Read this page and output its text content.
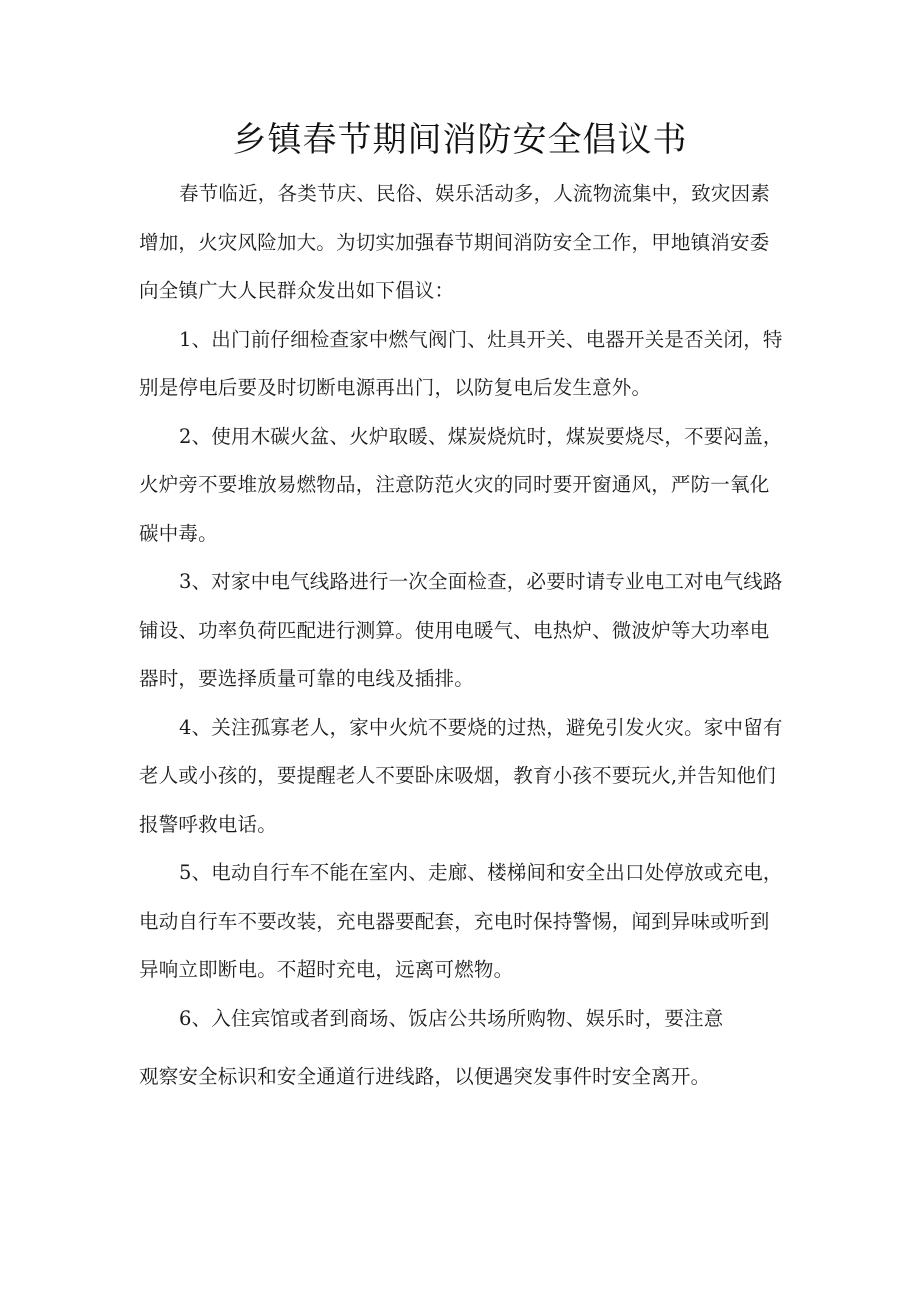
乡镇春节期间消防安全倡议书
春节临近，各类节庆、民俗、娱乐活动多，人流物流集中，致灾因素
增加，火灾风险加大。为切实加强春节期间消防安全工作，甲地镇消安委
向全镇广大人民群众发出如下倡议：
1、出门前仔细检查家中燃气阀门、灶具开关、电器开关是否关闭，特
别是停电后要及时切断电源再出门，以防复电后发生意外。
2、使用木碳火盆、火炉取暖、煤炭烧炕时，煤炭要烧尽，不要闷盖，
火炉旁不要堆放易燃物品，注意防范火灾的同时要开窗通风，严防一氧化
碳中毒。
3、对家中电气线路进行一次全面检查，必要时请专业电工对电气线路
铺设、功率负荷匹配进行测算。使用电暖气、电热炉、微波炉等大功率电
器时，要选择质量可靠的电线及插排。
4、关注孤寡老人，家中火炕不要烧的过热，避免引发火灾。家中留有
老人或小孩的，要提醒老人不要卧床吸烟，教育小孩不要玩火,并告知他们
报警呼救电话。
5、电动自行车不能在室内、走廊、楼梯间和安全出口处停放或充电，
电动自行车不要改装，充电器要配套，充电时保持警惕，闻到异味或听到
异响立即断电。不超时充电，远离可燃物。
6、入住宾馆或者到商场、饭店公共场所购物、娱乐时，要注意
观察安全标识和安全通道行进线路，以便遇突发事件时安全离开。
